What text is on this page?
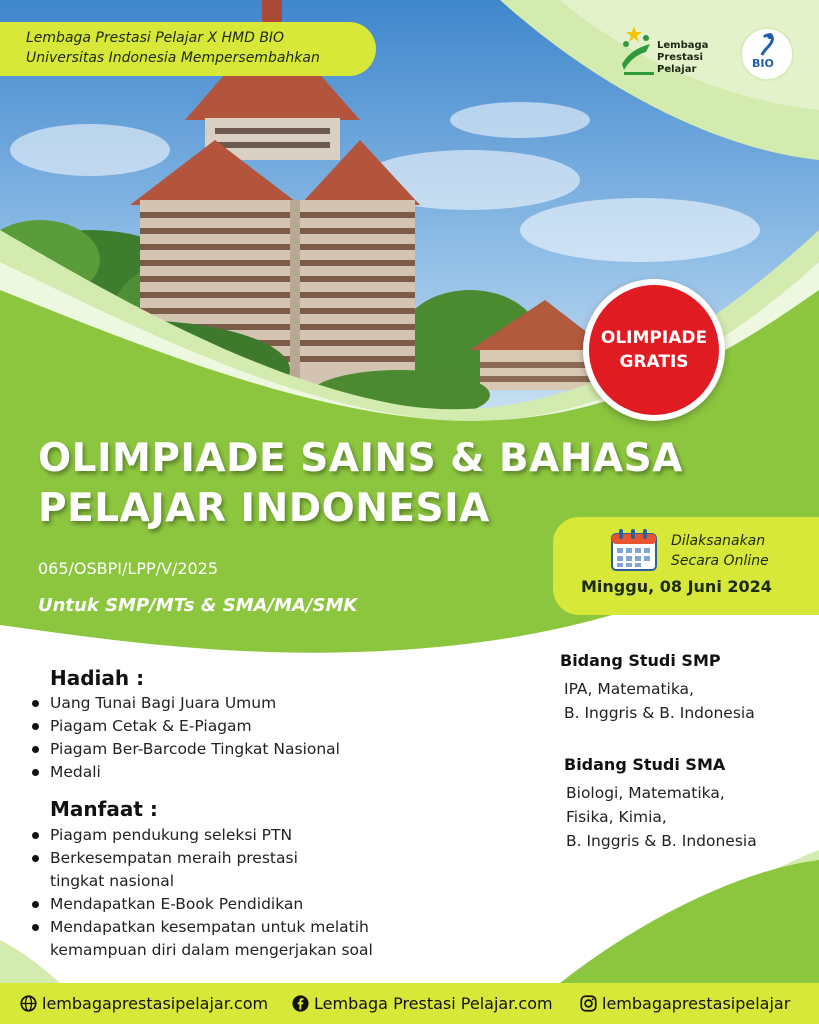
Lembaga Prestasi Pelajar X HMD BIO
Universitas Indonesia Mempersembahkan
Lembaga
Prestasi Pelajar	BIO
OLIMPIADE
GRATIS
OLIMPIADE SAINS & BAHASA
PELAJAR INDONESIA
065/OSBPI/LPP/V/2025
Untuk SMP/MTs & SMA/MA/SMK
Dilaksanakan
Secara Online
Minggu, 08 Juni 2024
Hadiah :
Uang Tunai Bagi Juara Umum
Piagam Cetak & E-Piagam
Piagam Ber-Barcode Tingkat Nasional
Medali
Manfaat :
Piagam pendukung seleksi PTN
Berkesempatan meraih prestasi
tingkat nasional
Mendapatkan E-Book Pendidikan
Mendapatkan kesempatan untuk melatih
kemampuan diri dalam mengerjakan soal
Bidang Studi SMP
IPA, Matematika,
B. Inggris & B. Indonesia
Bidang Studi SMA
Biologi, Matematika,
Fisika, Kimia,
B. Inggris & B. Indonesia
lembagaprestasipelajar.com	Lembaga Prestasi Pelajar.com	lembagaprestasipelajar
